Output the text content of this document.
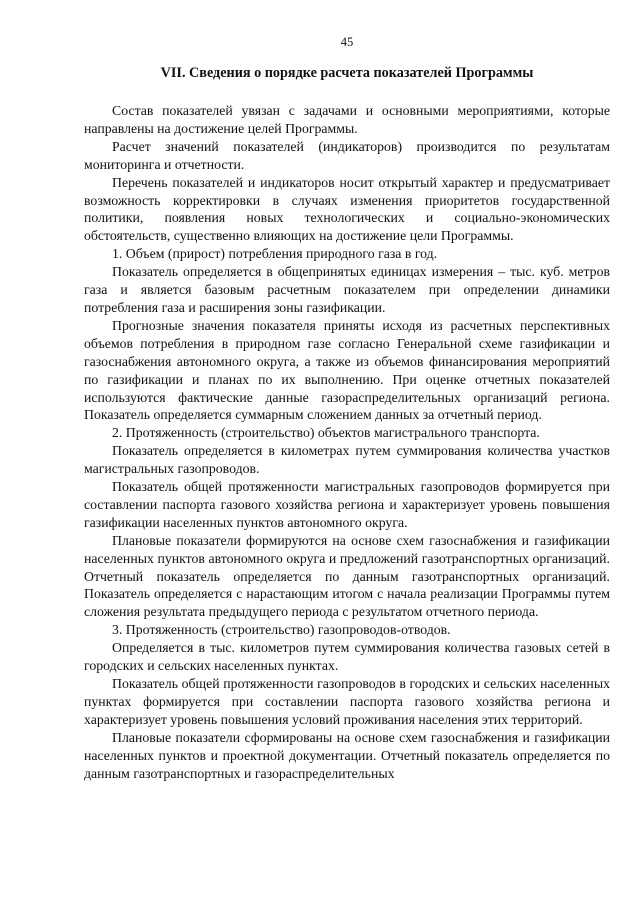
45
VII. Сведения о порядке расчета показателей Программы

Состав показателей увязан с задачами и основными мероприятиями, которые направлены на достижение целей Программы.

Расчет значений показателей (индикаторов) производится по результатам мониторинга и отчетности.

Перечень показателей и индикаторов носит открытый характер и предусматривает возможность корректировки в случаях изменения приоритетов государственной политики, появления новых технологических и социально-экономических обстоятельств, существенно влияющих на достижение цели Программы.

1. Объем (прирост) потребления природного газа в год.

Показатель определяется в общепринятых единицах измерения – тыс. куб. метров газа и является базовым расчетным показателем при определении динамики потребления газа и расширения зоны газификации.

Прогнозные значения показателя приняты исходя из расчетных перспективных объемов потребления в природном газе согласно Генеральной схеме газификации и газоснабжения автономного округа, а также из объемов финансирования мероприятий по газификации и планах по их выполнению. При оценке отчетных показателей используются фактические данные газораспределительных организаций региона. Показатель определяется суммарным сложением данных за отчетный период.

2. Протяженность (строительство) объектов магистрального транспорта.

Показатель определяется в километрах путем суммирования количества участков магистральных газопроводов.

Показатель общей протяженности магистральных газопроводов формируется при составлении паспорта газового хозяйства региона и характеризует уровень повышения газификации населенных пунктов автономного округа.

Плановые показатели формируются на основе схем газоснабжения и газификации населенных пунктов автономного округа и предложений газотранспортных организаций. Отчетный показатель определяется по данным газотранспортных организаций. Показатель определяется с нарастающим итогом с начала реализации Программы путем сложения результата предыдущего периода с результатом отчетного периода.

3. Протяженность (строительство) газопроводов-отводов.

Определяется в тыс. километров путем суммирования количества газовых сетей в городских и сельских населенных пунктах.

Показатель общей протяженности газопроводов в городских и сельских населенных пунктах формируется при составлении паспорта газового хозяйства региона и характеризует уровень повышения условий проживания населения этих территорий.

Плановые показатели сформированы на основе схем газоснабжения и газификации населенных пунктов и проектной документации. Отчетный показатель определяется по данным газотранспортных и газораспределительных
